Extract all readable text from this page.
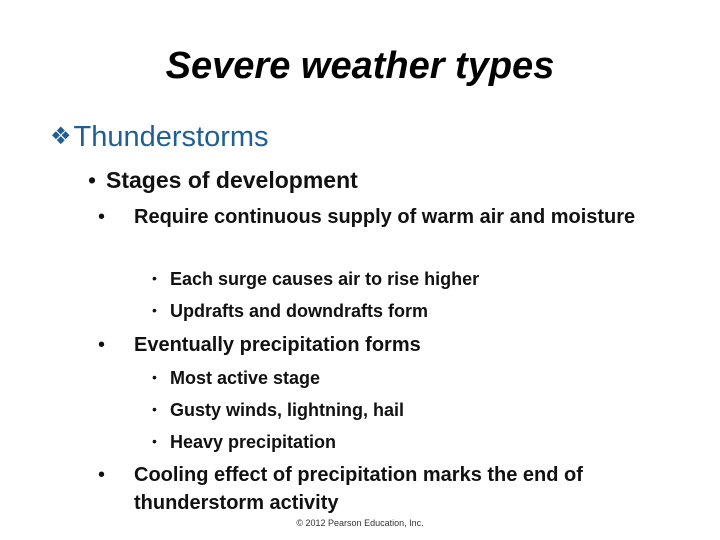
Severe weather types
❖Thunderstorms
• Stages of development
• Require continuous supply of warm air and moisture
• Each surge causes air to rise higher
• Updrafts and downdrafts form
• Eventually precipitation forms
• Most active stage
• Gusty winds, lightning, hail
• Heavy precipitation
• Cooling effect of precipitation marks the end of thunderstorm activity
© 2012 Pearson Education, Inc.
